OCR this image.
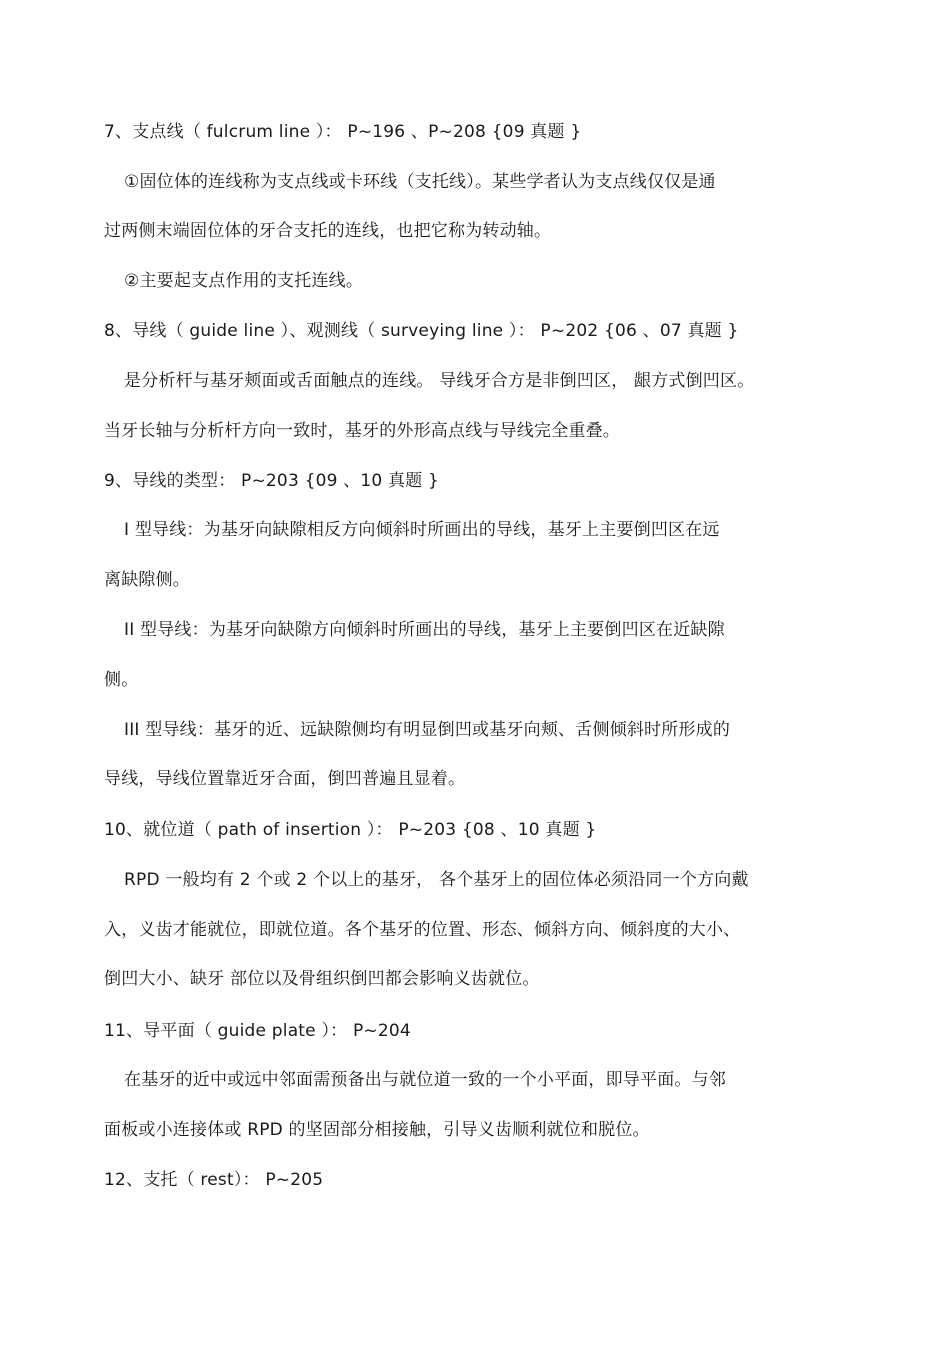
7、支点线（ fulcrum line ）： P~196 、P~208 {09 真题 }
①固位体的连线称为支点线或卡环线（支托线）。某些学者认为支点线仅仅是通
过两侧末端固位体的牙合支托的连线，也把它称为转动轴。
②主要起支点作用的支托连线。
8、导线（ guide line ）、观测线（ surveying line ）： P~202 {06 、07 真题 }
是分析杆与基牙颊面或舌面触点的连线。 导线牙合方是非倒凹区， 龈方式倒凹区。
当牙长轴与分析杆方向一致时，基牙的外形高点线与导线完全重叠。
9、导线的类型： P~203 {09 、10 真题 }
I 型导线：为基牙向缺隙相反方向倾斜时所画出的导线，基牙上主要倒凹区在远
离缺隙侧。
II 型导线：为基牙向缺隙方向倾斜时所画出的导线，基牙上主要倒凹区在近缺隙
侧。
III 型导线：基牙的近、远缺隙侧均有明显倒凹或基牙向颊、舌侧倾斜时所形成的
导线，导线位置靠近牙合面，倒凹普遍且显着。
10、就位道（ path of insertion ）： P~203 {08 、10 真题 }
RPD 一般均有 2 个或 2 个以上的基牙， 各个基牙上的固位体必须沿同一个方向戴
入，义齿才能就位，即就位道。各个基牙的位置、形态、倾斜方向、倾斜度的大小、
倒凹大小、缺牙 部位以及骨组织倒凹都会影响义齿就位。
11、导平面（ guide plate ）： P~204
在基牙的近中或远中邻面需预备出与就位道一致的一个小平面，即导平面。与邻
面板或小连接体或 RPD 的坚固部分相接触，引导义齿顺利就位和脱位。
12、支托（ rest）： P~205
